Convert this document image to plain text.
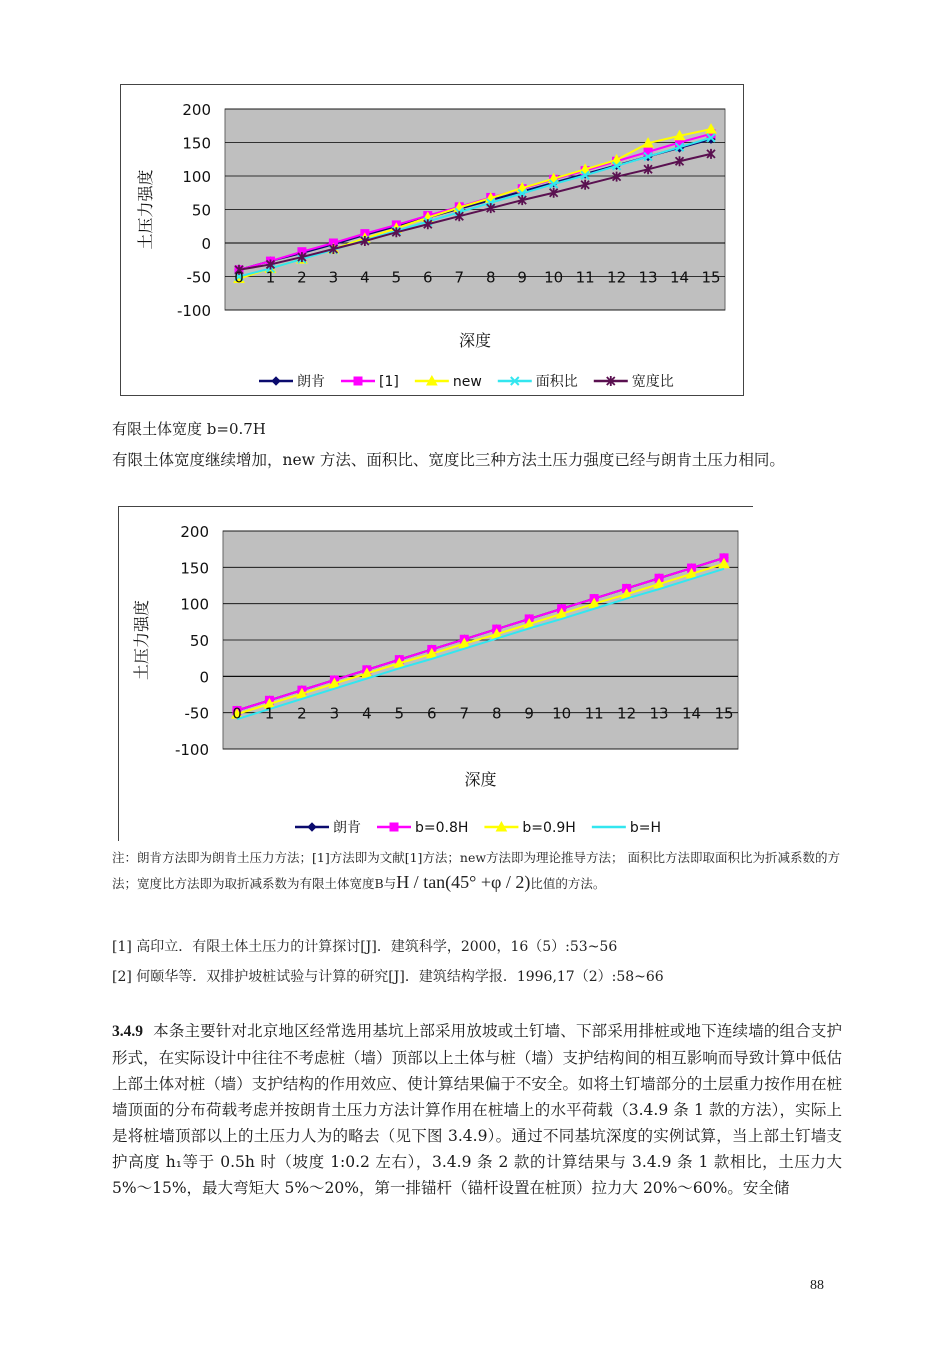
200
150
100
50
0
-50
-100
0 1 2 3 4 5 6 7 8 9 10 11 12 13 14 15
土压力强度
深度
朗肯	[1]	new	面积比	宽度比
有限土体宽度 b=0.7H
有限土体宽度继续增加，new 方法、面积比、宽度比三种方法土压力强度已经与朗肯土压力相同。
200
150
100
50
0
-50
-100
0 1 2 3 4 5 6 7 8 9 10 11 12 13 14 15
土压力强度
深度
朗肯	b=0.8H	b=0.9H	b=H
注：朗肯方法即为朗肯土压力方法；[1]方法即为文献[1]方法；new方法即为理论推导方法； 面积比方法即取面积比为折减系数的方法；宽度比方法即为取折减系数为有限土体宽度B与H / tan(45° +φ / 2)比值的方法。
[1] 高印立．有限土体土压力的计算探讨[J]．建筑科学，2000，16（5）:53~56
[2] 何颐华等．双排护坡桩试验与计算的研究[J]．建筑结构学报．1996,17（2）:58~66
3.4.9 本条主要针对北京地区经常选用基坑上部采用放坡或土钉墙、下部采用排桩或地下连续墙的组合支护形式，在实际设计中往往不考虑桩（墙）顶部以上土体与桩（墙）支护结构间的相互影响而导致计算中低估上部土体对桩（墙）支护结构的作用效应、使计算结果偏于不安全。如将土钉墙部分的土层重力按作用在桩墙顶面的分布荷载考虑并按朗肯土压力方法计算作用在桩墙上的水平荷载（3.4.9 条 1 款的方法），实际上是将桩墙顶部以上的土压力人为的略去（见下图 3.4.9）。通过不同基坑深度的实例试算，当上部土钉墙支护高度 h₁等于 0.5h 时（坡度 1:0.2 左右），3.4.9 条 2 款的计算结果与 3.4.9 条 1 款相比，土压力大 5%～15%，最大弯矩大 5%～20%，第一排锚杆（锚杆设置在桩顶）拉力大 20%～60%。安全储
88
